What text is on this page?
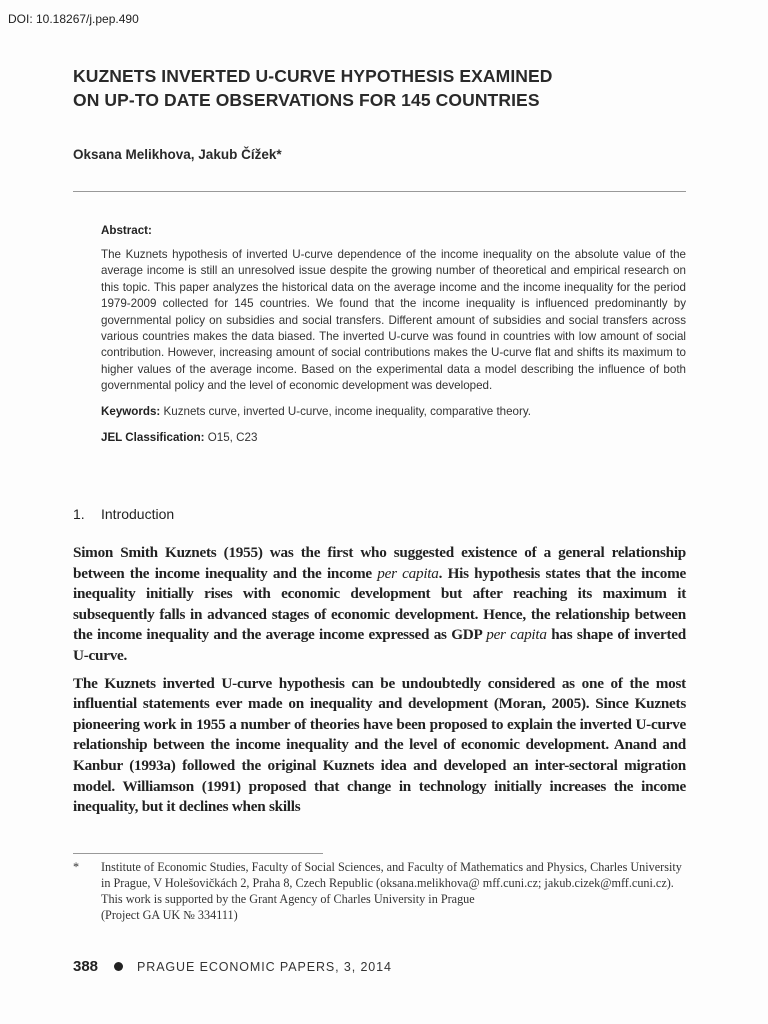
DOI: 10.18267/j.pep.490
KUZNETS INVERTED U-CURVE HYPOTHESIS EXAMINED
ON UP-TO DATE OBSERVATIONS FOR 145 COUNTRIES
Oksana Melikhova, Jakub Čížek*
Abstract:
The Kuznets hypothesis of inverted U-curve dependence of the income inequality on the absolute value of the average income is still an unresolved issue despite the growing number of theoretical and empirical research on this topic. This paper analyzes the historical data on the average income and the income inequality for the period 1979-2009 collected for 145 countries. We found that the income inequality is influenced predominantly by governmental policy on subsidies and social transfers. Different amount of subsidies and social transfers across various countries makes the data biased. The inverted U-curve was found in countries with low amount of social contribution. However, increasing amount of social contributions makes the U-curve flat and shifts its maximum to higher values of the average income. Based on the experimental data a model describing the influence of both governmental policy and the level of economic development was developed.
Keywords: Kuznets curve, inverted U-curve, income inequality, comparative theory.
JEL Classification: O15, C23
1. Introduction

Simon Smith Kuznets (1955) was the first who suggested existence of a general relationship between the income inequality and the income per capita. His hypothesis states that the income inequality initially rises with economic development but after reaching its maximum it subsequently falls in advanced stages of economic development. Hence, the relationship between the income inequality and the average income expressed as GDP per capita has shape of inverted U-curve.

The Kuznets inverted U-curve hypothesis can be undoubtedly considered as one of the most influential statements ever made on inequality and development (Moran, 2005). Since Kuznets pioneering work in 1955 a number of theories have been proposed to explain the inverted U-curve relationship between the income inequality and the level of economic development. Anand and Kanbur (1993a) followed the original Kuznets idea and developed an inter-sectoral migration model. Williamson (1991) proposed that change in technology initially increases the income inequality, but it declines when skills

* Institute of Economic Studies, Faculty of Social Sciences, and Faculty of Mathematics and Physics, Charles University in Prague, V Holešovičkách 2, Praha 8, Czech Republic (oksana.melikhova@ mff.cuni.cz; jakub.cizek@mff.cuni.cz).
This work is supported by the Grant Agency of Charles University in Prague
(Project GA UK № 334111)
388	PRAGUE ECONOMIC PAPERS, 3, 2014
